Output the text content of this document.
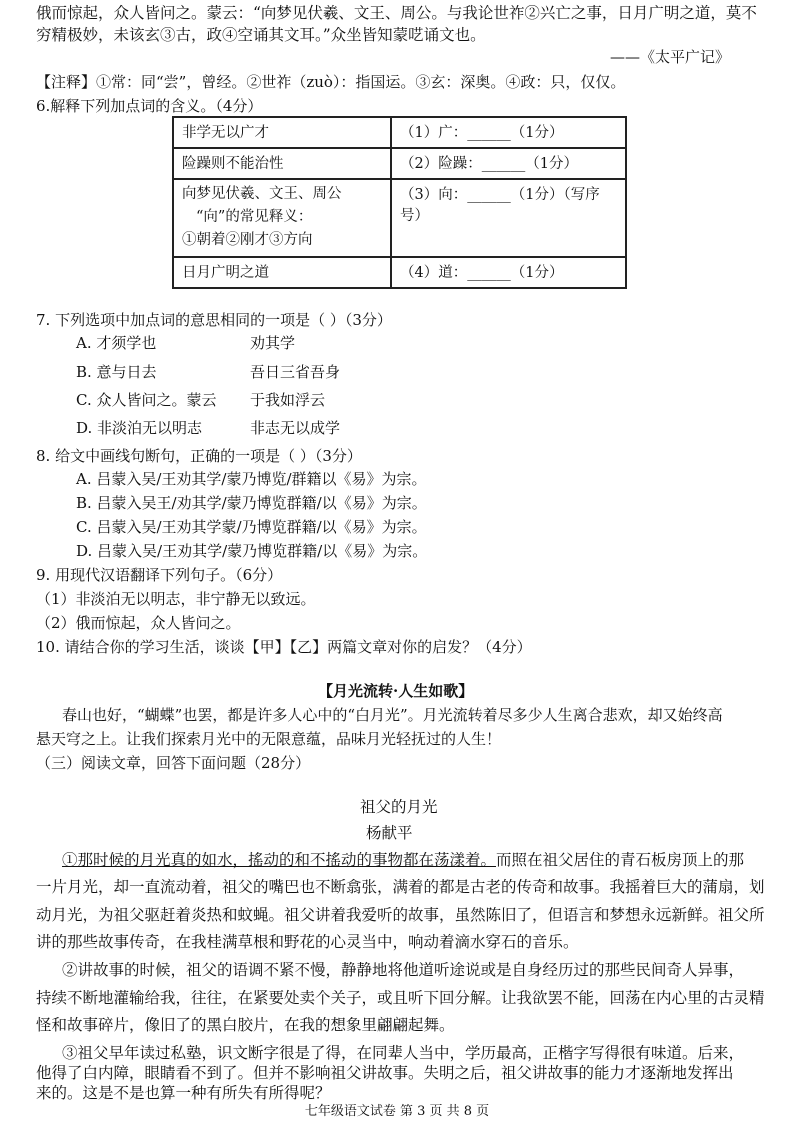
俄而惊起，众人皆问之。蒙云：“向梦见伏羲、文王、周公。与我论世祚②兴亡之事，日月广明之道，莫不
穷精极妙，未该玄③古，政④空诵其文耳。”众坐皆知蒙呓诵文也。
——《太平广记》
【注释】①常：同“尝”，曾经。②世祚（zuò）：指国运。③玄：深奥。④政：只，仅仅。
6.解释下列加点词的含义。（4分）
非学无以广才	（1）广：______（1分）
险躁则不能治性	（2）险躁：______（1分）

向梦见伏羲、文王、周公
“向”的常见释义：
①朝着②刚才③方向	（3）向：______（1分）（写序号）
日月广明之道	（4）道：______（1分）
7. 下列选项中加点词的意思相同的一项是（ ）（3分）
A. 才须学也	劝其学
B. 意与日去	吾日三省吾身
C. 众人皆问之。蒙云 于我如浮云
D. 非淡泊无以明志	非志无以成学
8. 给文中画线句断句，正确的一项是（ ）（3分）
A. 吕蒙入吴/王劝其学/蒙乃博览/群籍以《易》为宗。
B. 吕蒙入吴王/劝其学/蒙乃博览群籍/以《易》为宗。
C. 吕蒙入吴/王劝其学蒙/乃博览群籍/以《易》为宗。
D. 吕蒙入吴/王劝其学/蒙乃博览群籍/以《易》为宗。
9. 用现代汉语翻译下列句子。（6分）
（1）非淡泊无以明志，非宁静无以致远。
（2）俄而惊起，众人皆问之。
10. 请结合你的学习生活，谈谈【甲】【乙】两篇文章对你的启发？（4分）
【月光流转·人生如歌】
春山也好，“蝴蝶”也罢，都是许多人心中的“白月光”。月光流转着尽多少人生离合悲欢，却又始终高
悬天穹之上。让我们探索月光中的无限意蕴，品味月光轻抚过的人生！
（三）阅读文章，回答下面问题（28分）
祖父的月光
杨献平
①那时候的月光真的如水，搖动的和不搖动的事物都在荡漾着。而照在祖父居住的青石板房顶上的那
一片月光，却一直流动着，祖父的嘴巴也不断翕张，满着的都是古老的传奇和故事。我摇着巨大的蒲扇，划
动月光，为祖父驱赶着炎热和蚊蝇。祖父讲着我爱听的故事，虽然陈旧了，但语言和梦想永远新鲜。祖父所
讲的那些故事传奇，在我桂满草根和野花的心灵当中，响动着滴水穿石的音乐。
②讲故事的时候，祖父的语调不紧不慢，静静地将他道听途说或是自身经历过的那些民间奇人异事，
持续不断地灌输给我，往往，在紧要处卖个关子，或且听下回分解。让我欲罢不能，回荡在内心里的古灵精
怪和故事碎片，像旧了的黑白胶片，在我的想象里翩翩起舞。
③祖父早年读过私塾，识文断字很是了得，在同辈人当中，学历最高，正楷字写得很有味道。后来，
他得了白内障，眼睛看不到了。但并不影响祖父讲故事。失明之后，祖父讲故事的能力才逐渐地发挥出
来的。这是不是也算一种有所失有所得呢？
七年级语文试卷 第 3 页 共 8 页
